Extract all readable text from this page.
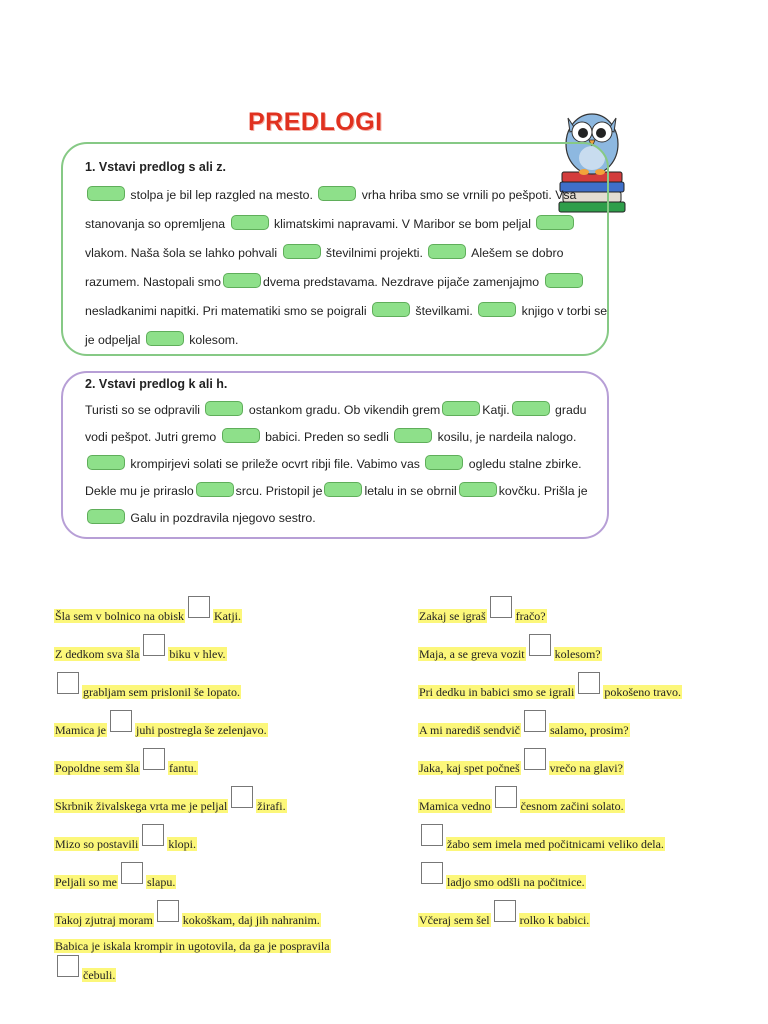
PREDLOGI
1. Vstavi predlog s ali z.
stolpa je bil lep razgled na mesto.	vrha hriba smo se vrnili po pešpoti. Vsa stanovanja so opremljena	klimatskimi napravami. V Maribor se bom peljal  vlakom. Naša šola se lahko pohvali	številnimi projekti.	Alešem se dobro razumem. Nastopali smo	dvema predstavama. Nezdrave pijače zamenjajmo  nesladkanimi napitki. Pri matematiki smo se poigrali	številkami.	knjigo v torbi se je odpeljal	kolesom.
2. Vstavi predlog k ali h.
Turisti so se odpravili	ostankom gradu. Ob vikendih grem	Katji.	gradu vodi pešpot. Jutri gremo	babici. Preden so sedli	kosilu, je nardeila nalogo.  krompirjevi solati se prileže ocvrt ribji file. Vabimo vas	ogledu stalne zbirke. Dekle mu je priraslo	srcu. Pristopil je	letalu in se obrnil	kovčku. Prišla je  Galu in pozdravila njegovo sestro.
Šla sem v bolnico na obisk	Katji.
Z dedkom sva šla	biku v hlev.
grabljam sem prislonil še lopato.
Mamica je	juhi postregla še zelenjavo.
Popoldne sem šla	fantu.
Skrbnik živalskega vrta me je peljal	žirafi.
Mizo so postavili	klopi.
Peljali so me	slapu.
Takoj zjutraj moram	kokoškam, daj jih nahranim.
Babica je iskala krompir in ugotovila, da ga je pospravilačebuli.
Zakaj se igraš	fračo?
Maja, a se greva vozit	kolesom?
Pri dedku in babici smo se igrali	pokošeno travo.
A mi narediš sendvič	salamo, prosim?
Jaka, kaj spet počneš	vrečo na glavi?
Mamica vedno	česnom začini solato.
žabo sem imela med počitnicami veliko dela.
ladjo smo odšli na počitnice.
Včeraj sem šel	rolko k babici.
